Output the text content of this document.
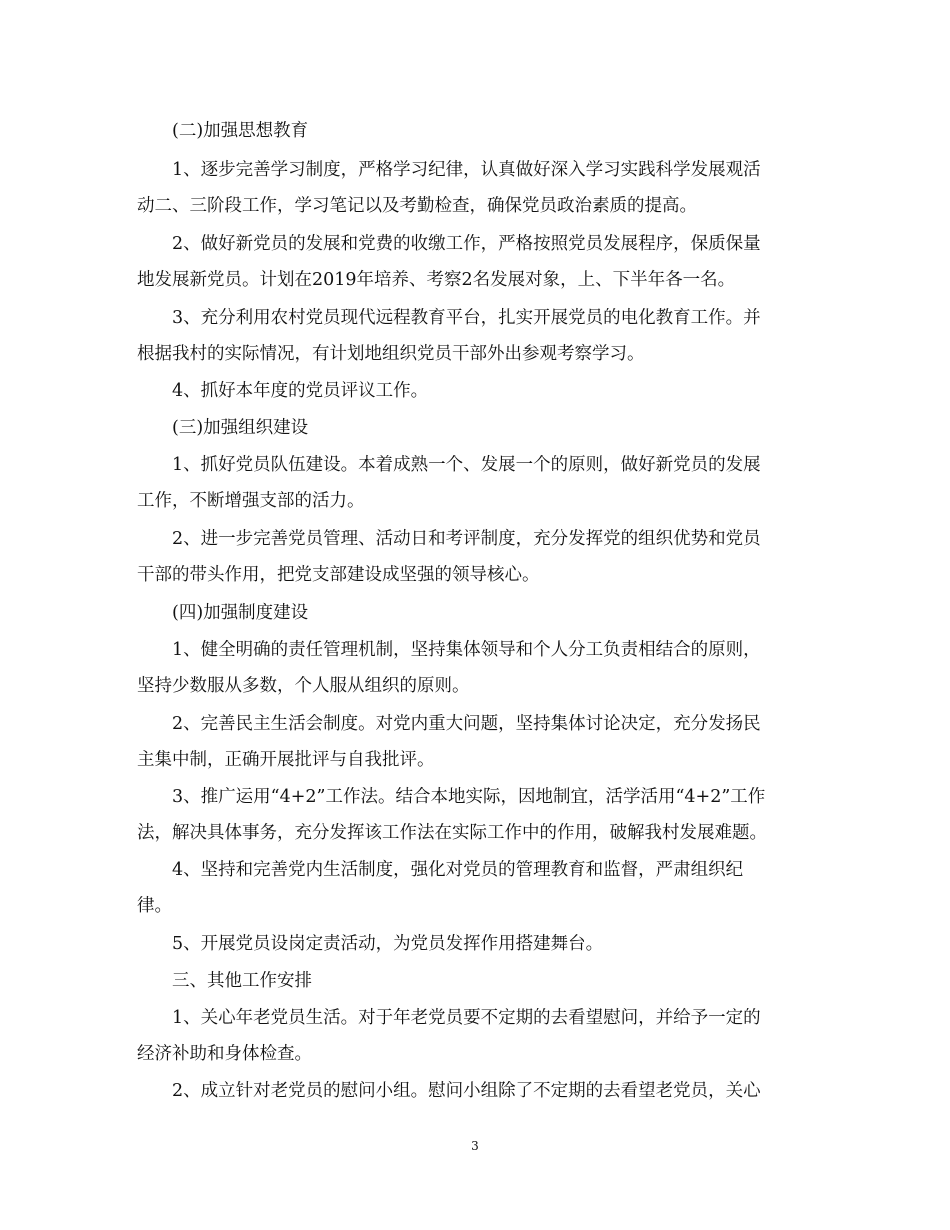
(二)加强思想教育
1、逐步完善学习制度，严格学习纪律，认真做好深入学习实践科学发展观活
动二、三阶段工作，学习笔记以及考勤检查，确保党员政治素质的提高。
2、做好新党员的发展和党费的收缴工作，严格按照党员发展程序，保质保量
地发展新党员。计划在2019年培养、考察2名发展对象，上、下半年各一名。
3、充分利用农村党员现代远程教育平台，扎实开展党员的电化教育工作。并
根据我村的实际情况，有计划地组织党员干部外出参观考察学习。
4、抓好本年度的党员评议工作。
(三)加强组织建设
1、抓好党员队伍建设。本着成熟一个、发展一个的原则，做好新党员的发展
工作，不断增强支部的活力。
2、进一步完善党员管理、活动日和考评制度，充分发挥党的组织优势和党员
干部的带头作用，把党支部建设成坚强的领导核心。
(四)加强制度建设
1、健全明确的责任管理机制，坚持集体领导和个人分工负责相结合的原则，
坚持少数服从多数，个人服从组织的原则。
2、完善民主生活会制度。对党内重大问题，坚持集体讨论决定，充分发扬民
主集中制，正确开展批评与自我批评。
3、推广运用“4+2”工作法。结合本地实际，因地制宜，活学活用“4+2”工作
法，解决具体事务，充分发挥该工作法在实际工作中的作用，破解我村发展难题。
4、坚持和完善党内生活制度，强化对党员的管理教育和监督，严肃组织纪
律。
5、开展党员设岗定责活动，为党员发挥作用搭建舞台。
三、其他工作安排
1、关心年老党员生活。对于年老党员要不定期的去看望慰问，并给予一定的
经济补助和身体检查。
2、成立针对老党员的慰问小组。慰问小组除了不定期的去看望老党员，关心
3
